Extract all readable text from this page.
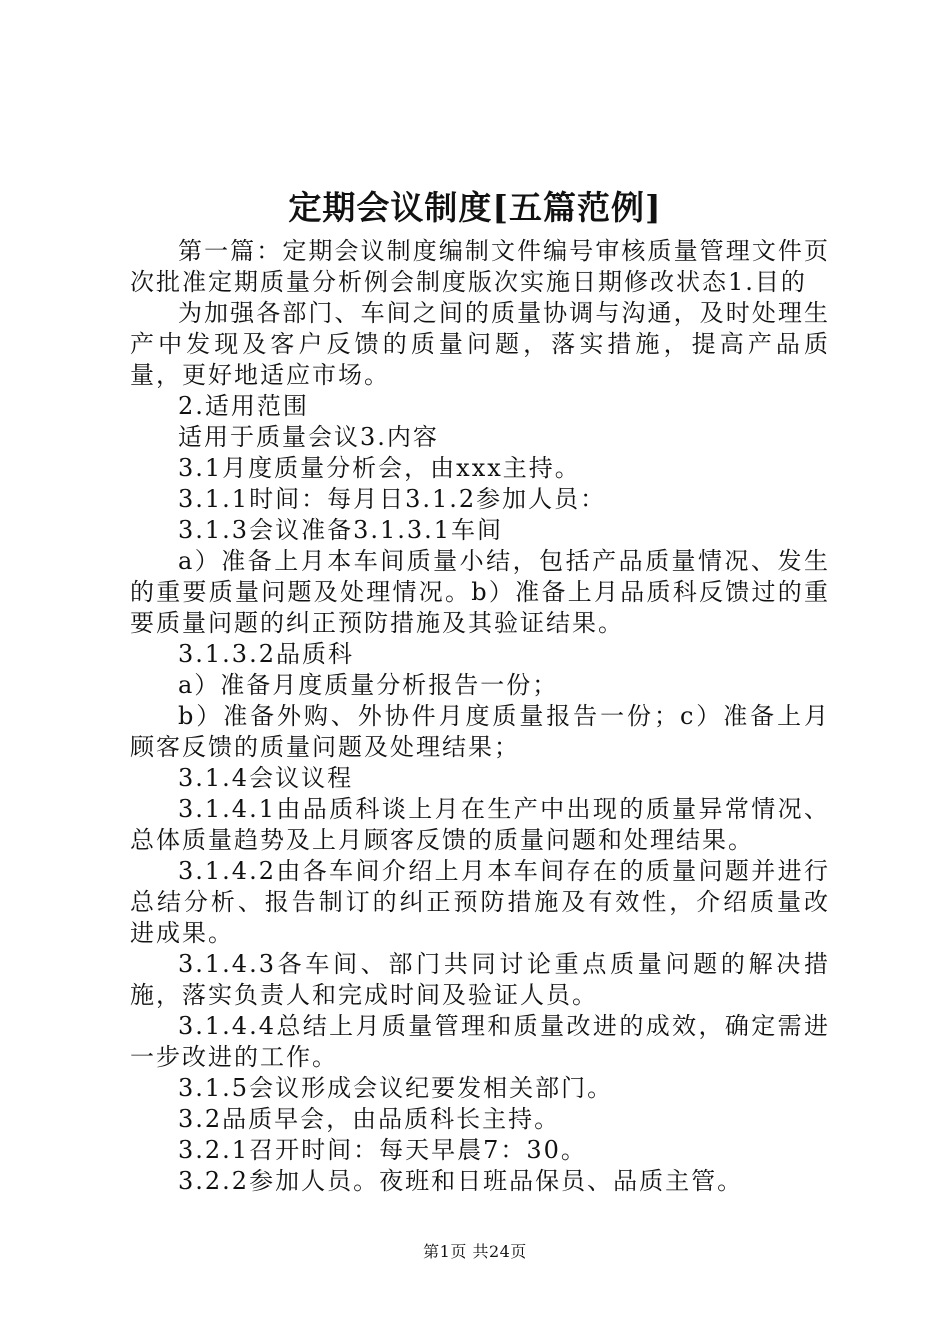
定期会议制度[五篇范例]

第一篇：定期会议制度编制文件编号审核质量管理文件页次批准定期质量分析例会制度版次实施日期修改状态1.目的

为加强各部门、车间之间的质量协调与沟通，及时处理生产中发现及客户反馈的质量问题，落实措施，提高产品质量，更好地适应市场。

2.适用范围

适用于质量会议3.内容

3.1月度质量分析会，由xxx主持。

3.1.1时间：每月日3.1.2参加人员：

3.1.3会议准备3.1.3.1车间

a）准备上月本车间质量小结，包括产品质量情况、发生的重要质量问题及处理情况。b）准备上月品质科反馈过的重要质量问题的纠正预防措施及其验证结果。

3.1.3.2品质科

a）准备月度质量分析报告一份；

b）准备外购、外协件月度质量报告一份；c）准备上月顾客反馈的质量问题及处理结果；

3.1.4会议议程

3.1.4.1由品质科谈上月在生产中出现的质量异常情况、总体质量趋势及上月顾客反馈的质量问题和处理结果。

3.1.4.2由各车间介绍上月本车间存在的质量问题并进行总结分析、报告制订的纠正预防措施及有效性，介绍质量改进成果。

3.1.4.3各车间、部门共同讨论重点质量问题的解决措施，落实负责人和完成时间及验证人员。

3.1.4.4总结上月质量管理和质量改进的成效，确定需进一步改进的工作。

3.1.5会议形成会议纪要发相关部门。

3.2品质早会，由品质科长主持。

3.2.1召开时间：每天早晨7：30。

3.2.2参加人员。夜班和日班品保员、品质主管。

第1页 共24页
